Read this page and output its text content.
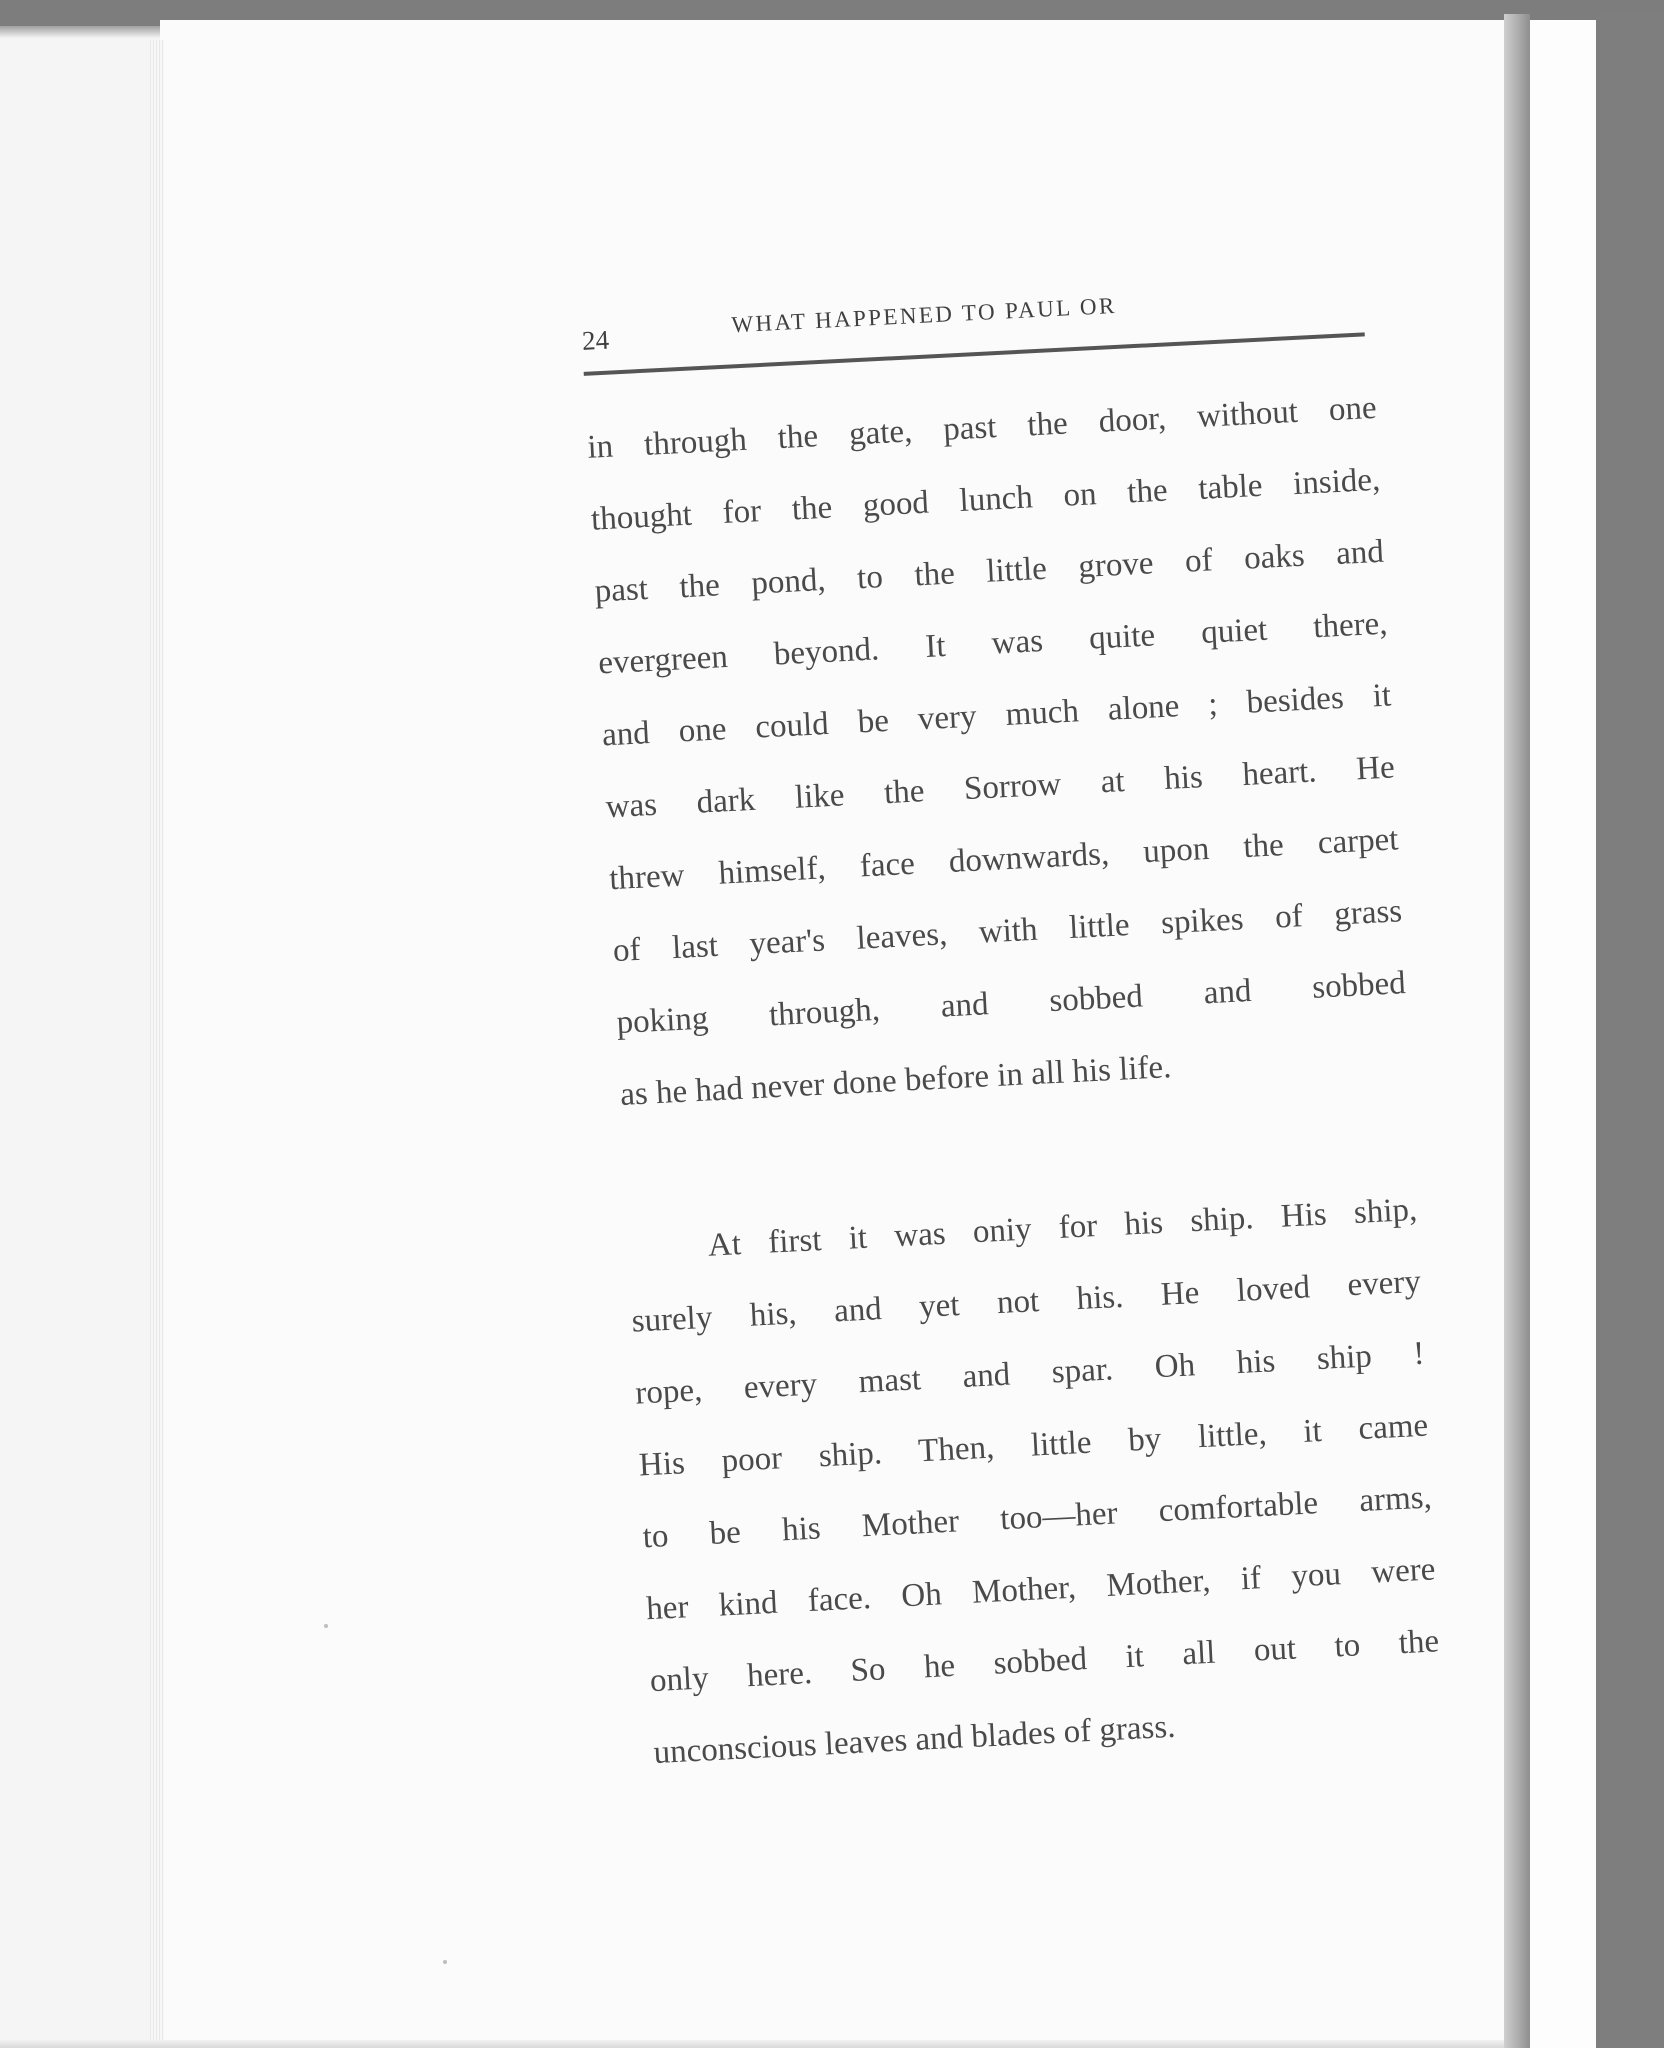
24
WHAT HAPPENED TO PAUL OR
in through the gate, past the door, without one
thought for the good lunch on the table inside,
past the pond, to the little grove of oaks and
evergreen beyond. It was quite quiet there,
and one could be very much alone ; besides it
was dark like the Sorrow at his heart. He
threw himself, face downwards, upon the carpet
of last year's leaves, with little spikes of grass
poking through, and sobbed and sobbed
as he had never done before in all his life.
At first it was oniy for his ship. His ship,
surely his, and yet not his. He loved every
rope, every mast and spar. Oh his ship !
His poor ship. Then, little by little, it came
to be his Mother too—her comfortable arms,
her kind face. Oh Mother, Mother, if you were
only here. So he sobbed it all out to the
unconscious leaves and blades of grass.
